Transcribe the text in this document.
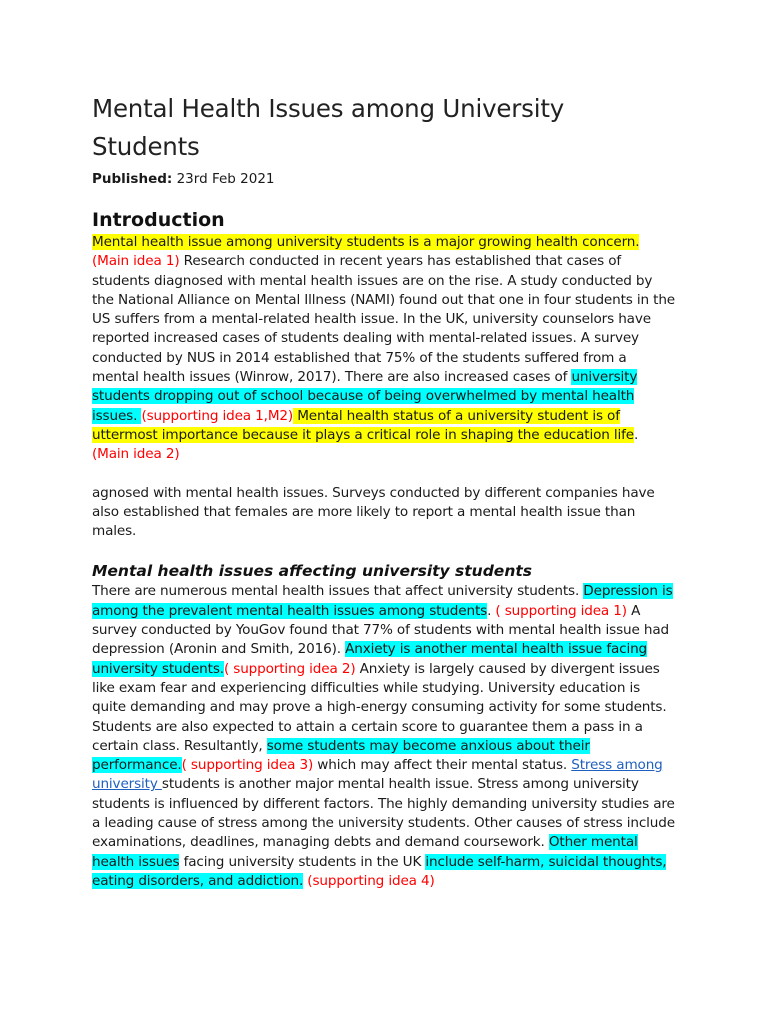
Mental Health Issues among University Students

Published: 23rd Feb 2021

Introduction

Mental health issue among university students is a major growing health concern. (Main idea 1) Research conducted in recent years has established that cases of students diagnosed with mental health issues are on the rise. A study conducted by the National Alliance on Mental Illness (NAMI) found out that one in four students in the US suffers from a mental-related health issue. In the UK, university counselors have reported increased cases of students dealing with mental-related issues. A survey conducted by NUS in 2014 established that 75% of the students suffered from a mental health issues (Winrow, 2017). There are also increased cases of university students dropping out of school because of being overwhelmed by mental health issues. (supporting idea 1,M2) Mental health status of a university student is of uttermost importance because it plays a critical role in shaping the education life.
(Main idea 2)

agnosed with mental health issues. Surveys conducted by different companies have also established that females are more likely to report a mental health issue than males.

Mental health issues affecting university students

There are numerous mental health issues that affect university students. Depression is among the prevalent mental health issues among students. ( supporting idea 1) A survey conducted by YouGov found that 77% of students with mental health issue had depression (Aronin and Smith, 2016). Anxiety is another mental health issue facing university students.( supporting idea 2) Anxiety is largely caused by divergent issues like exam fear and experiencing difficulties while studying. University education is quite demanding and may prove a high-energy consuming activity for some students. Students are also expected to attain a certain score to guarantee them a pass in a certain class. Resultantly, some students may become anxious about their performance.( supporting idea 3) which may affect their mental status. Stress among university students is another major mental health issue. Stress among university students is influenced by different factors. The highly demanding university studies are a leading cause of stress among the university students. Other causes of stress include examinations, deadlines, managing debts and demand coursework. Other mental health issues facing university students in the UK include self-harm, suicidal thoughts, eating disorders, and addiction. (supporting idea 4)
